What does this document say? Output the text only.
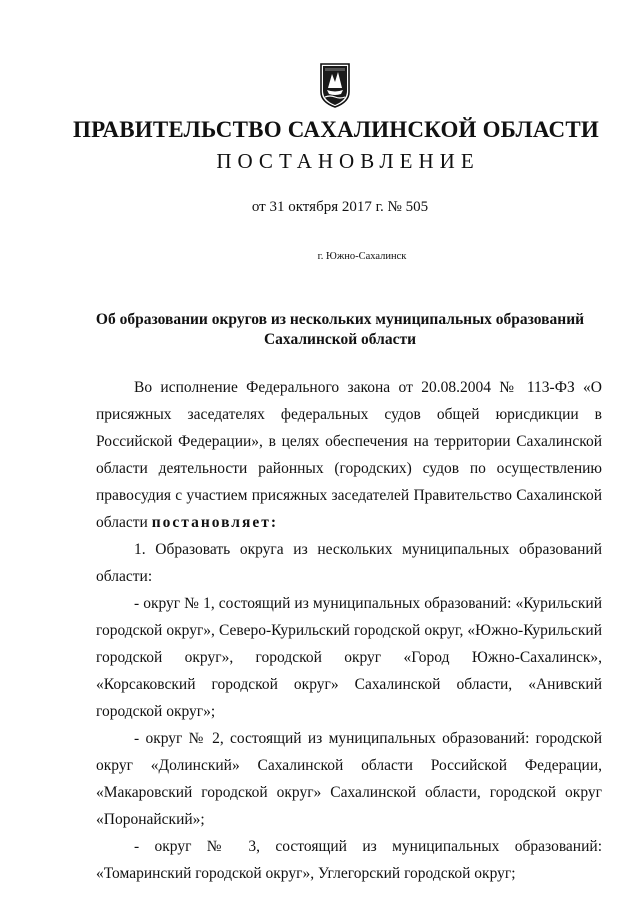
ПРАВИТЕЛЬСТВО САХАЛИНСКОЙ ОБЛАСТИ
ПОСТАНОВЛЕНИЕ
от 31 октября 2017 г. № 505
г. Южно-Сахалинск
Об образовании округов из нескольких муниципальных образований
Сахалинской области

Во исполнение Федерального закона от 20.08.2004 № 113-ФЗ «О присяжных заседателях федеральных судов общей юрисдикции в Российской Федерации», в целях обеспечения на территории Сахалинской области деятельности районных (городских) судов по осуществлению правосудия с участием присяжных заседателей Правительство Сахалинской области постановляет:

1. Образовать округа из нескольких муниципальных образований области:

- округ № 1, состоящий из муниципальных образований: «Курильский городской округ», Северо-Курильский городской округ, «Южно-Курильский городской округ», городской округ «Город Южно-Сахалинск», «Корсаковский городской округ» Сахалинской области, «Анивский городской округ»;

- округ № 2, состоящий из муниципальных образований: городской округ «Долинский» Сахалинской области Российской Федерации, «Макаровский городской округ» Сахалинской области, городской округ «Поронайский»;

- округ № 3, состоящий из муниципальных образований: «Томаринский городской округ», Углегорский городской округ;
